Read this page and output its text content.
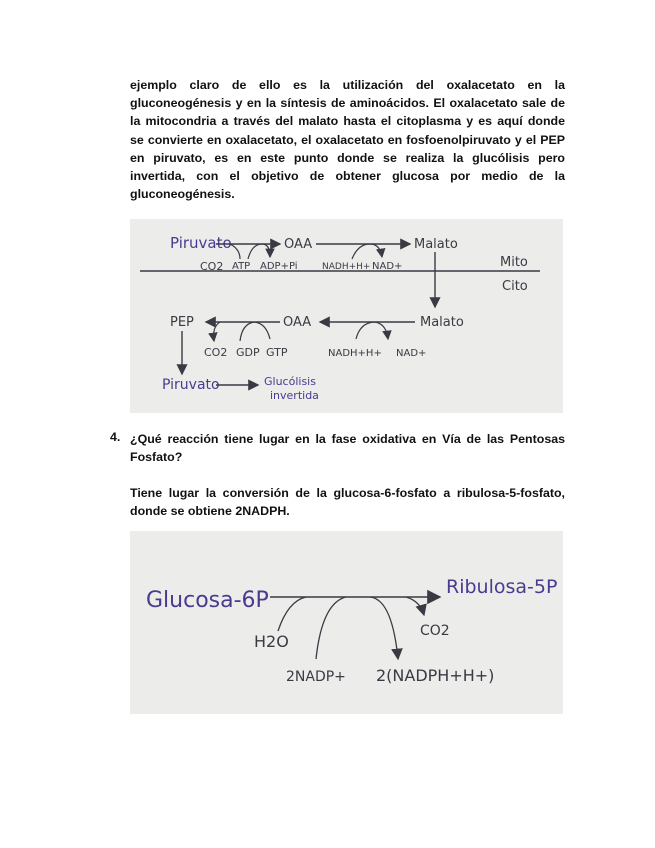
ejemplo claro de ello es la utilización del oxalacetato en la
gluconeogénesis y en la síntesis de aminoácidos. El oxalacetato sale de
la mitocondria a través del malato hasta el citoplasma y es aquí donde
se convierte en oxalacetato, el oxalacetato en fosfoenolpiruvato y el PEP
en piruvato, es en este punto donde se realiza la glucólisis pero
invertida, con el objetivo de obtener glucosa por medio de la
gluconeogénesis.
Piruvato	OAA	Malato
CO2 ATP ADP+Pi	NADH+H+ NAD+	Mito
Cito
PEP	OAA	Malato
CO2 GDP GTP	NADH+H+ NAD+
Piruvato	Glucólisis
invertida
4. ¿Qué reacción tiene lugar en la fase oxidativa en Vía de las Pentosas
Fosfato?
Tiene lugar la conversión de la glucosa-6-fosfato a ribulosa-5-fosfato,
donde se obtiene 2NADPH.
Glucosa-6P
Ribulosa-5P
H2O
2NADP+ 2(NADPH+H+)
CO2
